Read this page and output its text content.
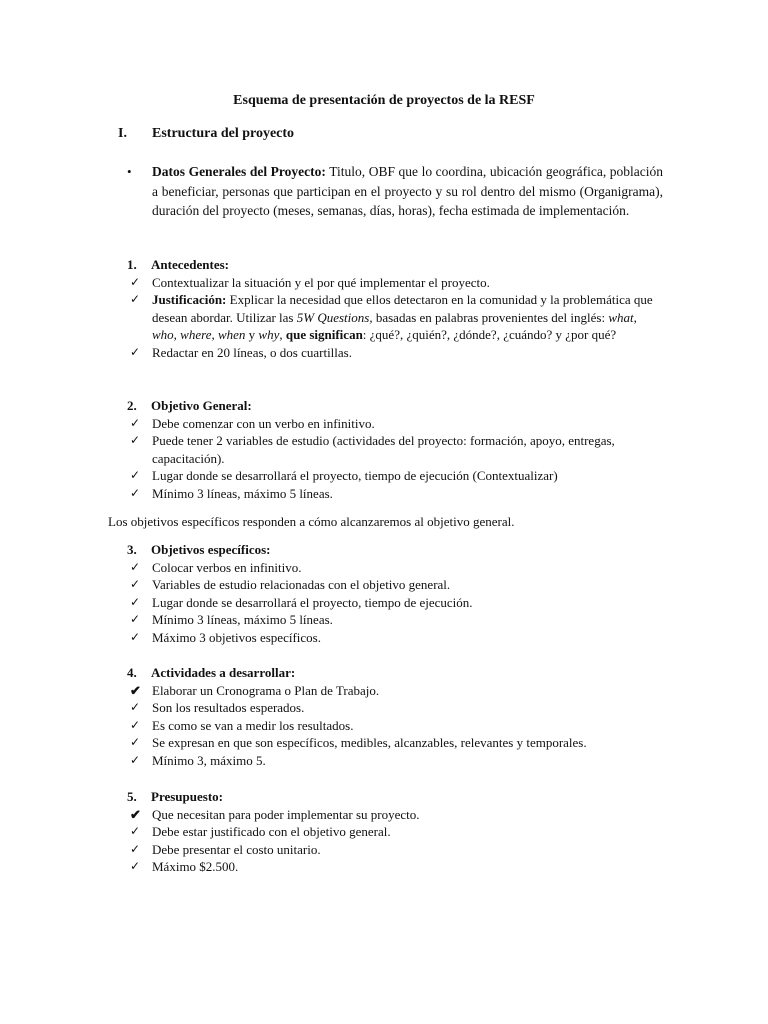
Esquema de presentación de proyectos de la RESF
I. Estructura del proyecto
• Datos Generales del Proyecto: Titulo, OBF que lo coordina, ubicación geográfica, población a beneficiar, personas que participan en el proyecto y su rol dentro del mismo (Organigrama), duración del proyecto (meses, semanas, días, horas), fecha estimada de implementación.

1. Antecedentes:

✓ Contextualizar la situación y el por qué implementar el proyecto.
✓ Justificación: Explicar la necesidad que ellos detectaron en la comunidad y la problemática que desean abordar. Utilizar las 5W Questions, basadas en palabras provenientes del inglés: what, who, where, when y why, que significan: ¿qué?, ¿quién?, ¿dónde?, ¿cuándo? y ¿por qué?
✓ Redactar en 20 líneas, o dos cuartillas.

2. Objetivo General:

✓ Debe comenzar con un verbo en infinitivo.
✓ Puede tener 2 variables de estudio (actividades del proyecto: formación, apoyo, entregas, capacitación).
✓ Lugar donde se desarrollará el proyecto, tiempo de ejecución (Contextualizar)
✓ Mínimo 3 líneas, máximo 5 líneas.
Los objetivos específicos responden a cómo alcanzaremos al objetivo general.

3. Objetivos específicos:

✓ Colocar verbos en infinitivo.
✓ Variables de estudio relacionadas con el objetivo general.
✓ Lugar donde se desarrollará el proyecto, tiempo de ejecución.
✓ Mínimo 3 líneas, máximo 5 líneas.
✓ Máximo 3 objetivos específicos.

4. Actividades a desarrollar:

✔ Elaborar un Cronograma o Plan de Trabajo.
✓ Son los resultados esperados.
✓ Es como se van a medir los resultados.
✓ Se expresan en que son específicos, medibles, alcanzables, relevantes y temporales.
✓ Mínimo 3, máximo 5.

5. Presupuesto:

✔ Que necesitan para poder implementar su proyecto.
✓ Debe estar justificado con el objetivo general.
✓ Debe presentar el costo unitario.
✓ Máximo $2.500.
